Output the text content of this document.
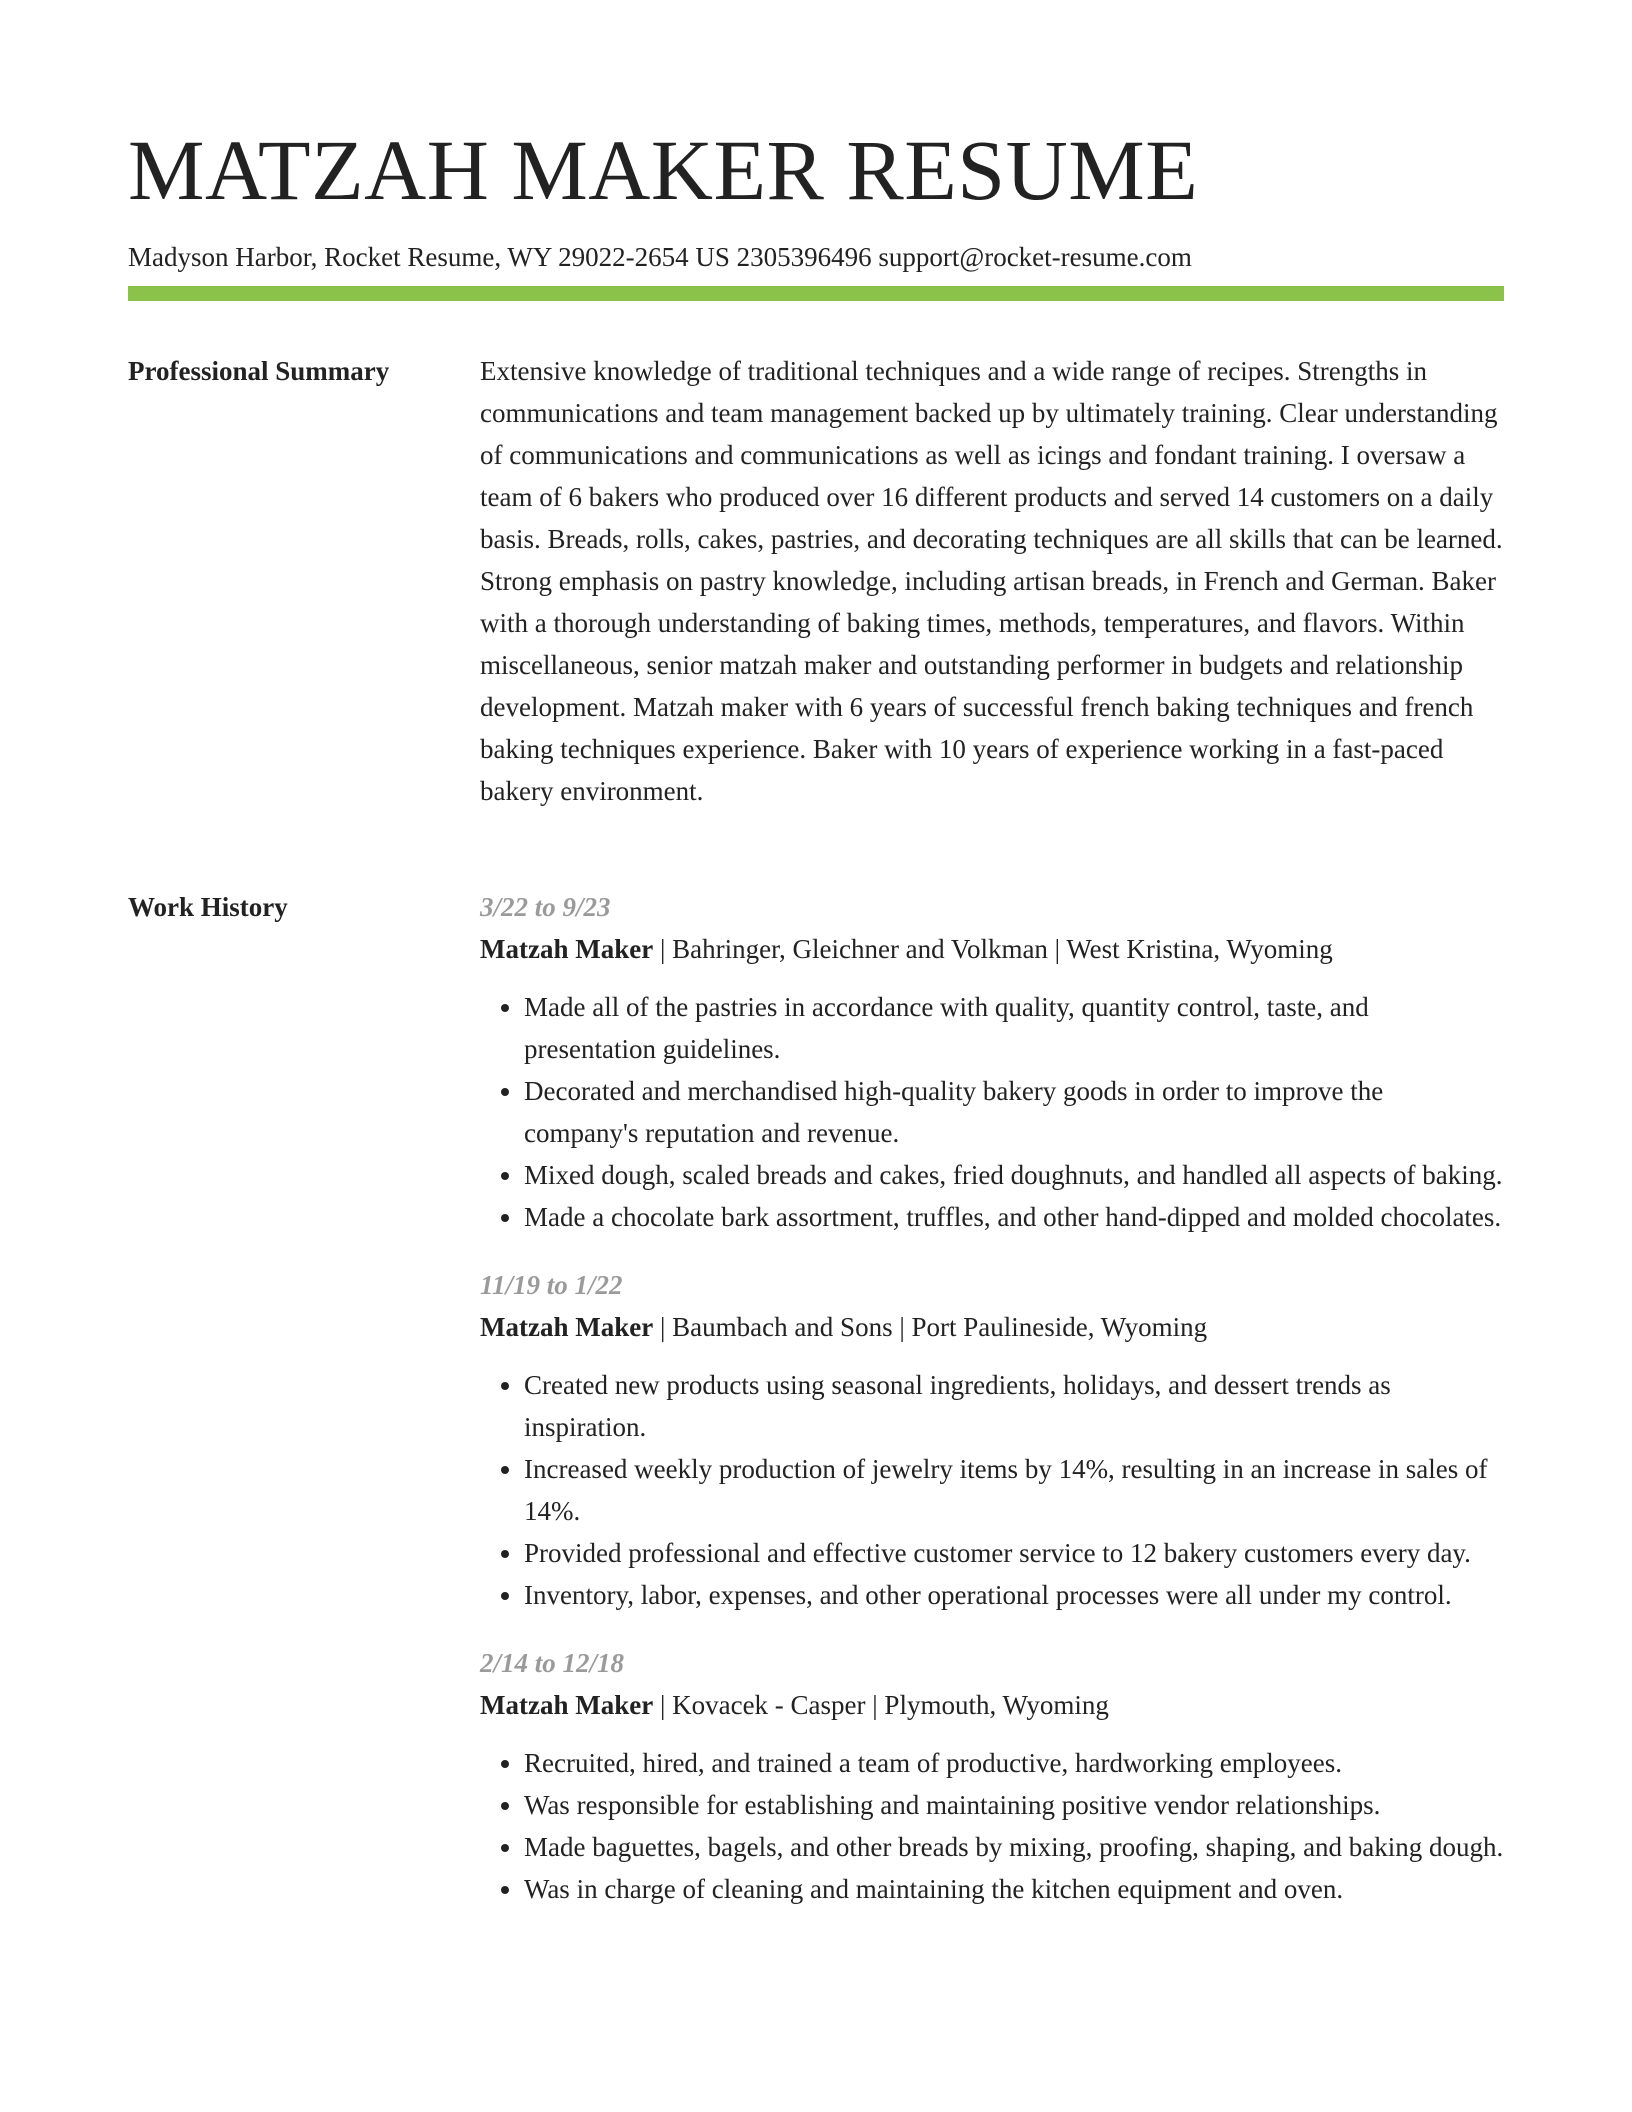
MATZAH MAKER RESUME
Madyson Harbor, Rocket Resume, WY 29022-2654 US 2305396496 support@rocket-resume.com
Professional Summary	Extensive knowledge of traditional techniques and a wide range of recipes. Strengths in communications and team management backed up by ultimately training. Clear understanding of communications and communications as well as icings and fondant training. I oversaw a team of 6 bakers who produced over 16 different products and served 14 customers on a daily basis. Breads, rolls, cakes, pastries, and decorating techniques are all skills that can be learned. Strong emphasis on pastry knowledge, including artisan breads, in French and German. Baker with a thorough understanding of baking times, methods, temperatures, and flavors. Within miscellaneous, senior matzah maker and outstanding performer in budgets and relationship development. Matzah maker with 6 years of successful french baking techniques and french baking techniques experience. Baker with 10 years of experience working in a fast-paced bakery environment.

Work History	3/22 to 9/23
Matzah Maker | Bahringer, Gleichner and Volkman | West Kristina, Wyoming
• Made all of the pastries in accordance with quality, quantity control, taste, and presentation guidelines.
• Decorated and merchandised high-quality bakery goods in order to improve the company's reputation and revenue.
• Mixed dough, scaled breads and cakes, fried doughnuts, and handled all aspects of baking.
• Made a chocolate bark assortment, truffles, and other hand-dipped and molded chocolates.
11/19 to 1/22
Matzah Maker | Baumbach and Sons | Port Paulineside, Wyoming
• Created new products using seasonal ingredients, holidays, and dessert trends as inspiration.
• Increased weekly production of jewelry items by 14%, resulting in an increase in sales of 14%.
• Provided professional and effective customer service to 12 bakery customers every day.
• Inventory, labor, expenses, and other operational processes were all under my control.
2/14 to 12/18
Matzah Maker | Kovacek - Casper | Plymouth, Wyoming
• Recruited, hired, and trained a team of productive, hardworking employees.
• Was responsible for establishing and maintaining positive vendor relationships.
• Made baguettes, bagels, and other breads by mixing, proofing, shaping, and baking dough.
• Was in charge of cleaning and maintaining the kitchen equipment and oven.
